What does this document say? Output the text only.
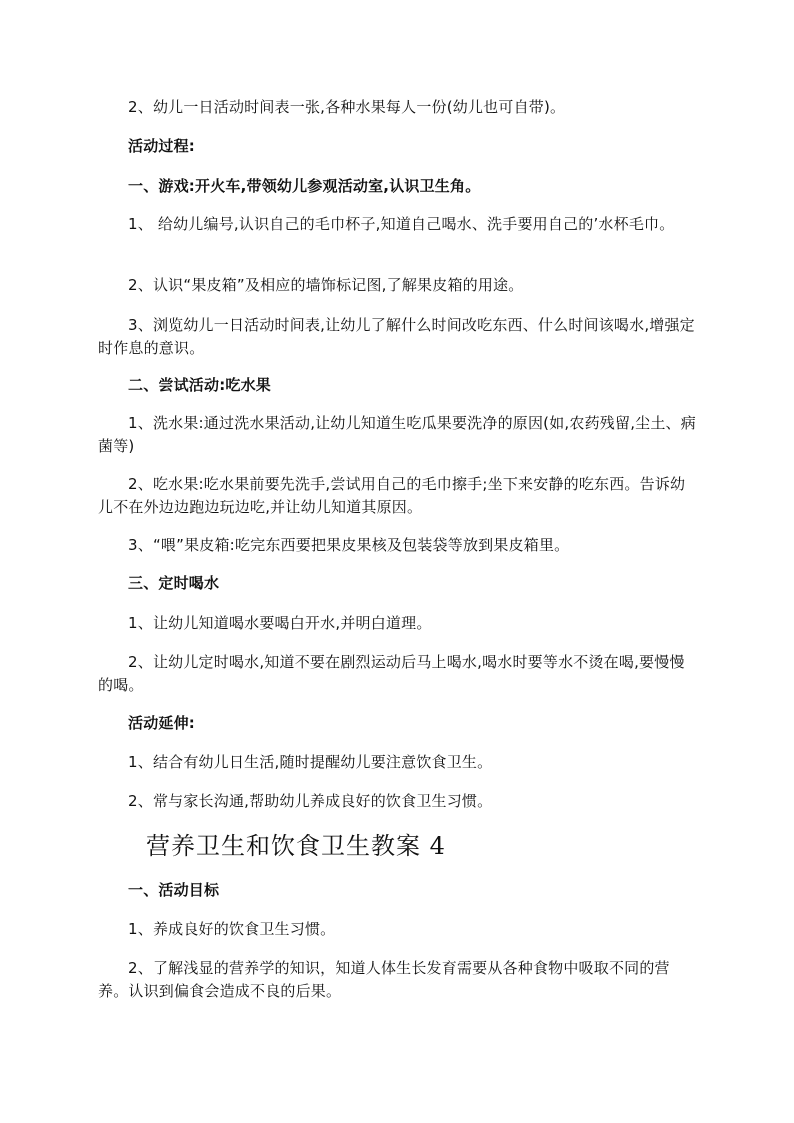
2、幼儿一日活动时间表一张,各种水果每人一份(幼儿也可自带)。

活动过程:

一、游戏:开火车,带领幼儿参观活动室,认识卫生角。

1、 给幼儿编号,认识自己的毛巾杯子,知道自己喝水、洗手要用自己的’水杯毛巾。

2、认识“果皮箱”及相应的墙饰标记图,了解果皮箱的用途。

3、浏览幼儿一日活动时间表,让幼儿了解什么时间改吃东西、什么时间该喝水,增强定时作息的意识。

二、尝试活动:吃水果

1、洗水果:通过洗水果活动,让幼儿知道生吃瓜果要洗净的原因(如,农药残留,尘土、病菌等)

2、吃水果:吃水果前要先洗手,尝试用自己的毛巾擦手;坐下来安静的吃东西。告诉幼儿不在外边边跑边玩边吃,并让幼儿知道其原因。

3、“喂”果皮箱:吃完东西要把果皮果核及包装袋等放到果皮箱里。

三、定时喝水

1、让幼儿知道喝水要喝白开水,并明白道理。

2、让幼儿定时喝水,知道不要在剧烈运动后马上喝水,喝水时要等水不烫在喝,要慢慢的喝。

活动延伸:

1、结合有幼儿日生活,随时提醒幼儿要注意饮食卫生。

2、常与家长沟通,帮助幼儿养成良好的饮食卫生习惯。

营养卫生和饮食卫生教案 4

一、活动目标

1、养成良好的饮食卫生习惯。

2、了解浅显的营养学的知识，知道人体生长发育需要从各种食物中吸取不同的营养。认识到偏食会造成不良的后果。
